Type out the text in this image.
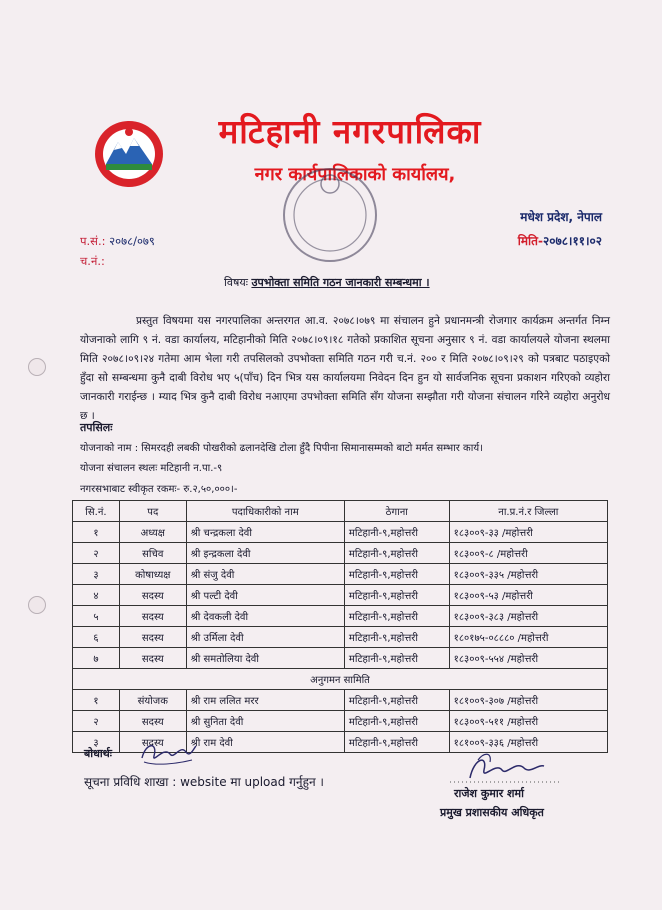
मटिहानी नगरपालिका
नगर कार्यपालिकाको कार्यालय,
मधेश प्रदेश, नेपाल
मिति-२०७८।११।०२
प.सं.: २०७८/०७९
च.नं.:
विषयः उपभोक्ता समिति गठन जानकारी सम्बन्धमा ।
प्रस्तुत विषयमा यस नगरपालिका अन्तरगत आ.व. २०७८।०७९ मा संचालन हुने प्रधानमन्त्री रोजगार कार्यक्रम अन्तर्गत निम्न योजनाको लागि ९ नं. वडा कार्यालय, मटिहानीको मिति २०७८।०९।१८ गतेको प्रकाशित सूचना अनुसार ९ नं. वडा कार्यालयले योजना स्थलमा मिति २०७८।०९।२४ गतेमा आम भेला गरी तपसिलको उपभोक्ता समिति गठन गरी च.नं. २०० र मिति २०७८।०९।२९ को पत्रबाट पठाइएको हुँदा सो सम्बन्धमा कुनै दाबी विरोध भए ५(पाँच) दिन भित्र यस कार्यालयमा निवेदन दिन हुन यो सार्वजनिक सूचना प्रकाशन गरिएको व्यहोरा जानकारी गराईन्छ । म्याद भित्र कुनै दाबी विरोध नआएमा उपभोक्ता समिति सँग योजना सम्झौता गरी योजना संचालन गरिने व्यहोरा अनुरोध छ ।
तपसिलः
योजनाको नाम : सिमरदही लबकी पोखरीको ढलानदेखि टोला हुँदै पिपीना सिमानासम्मको बाटो मर्मत सम्भार कार्य।
योजना संचालन स्थलः मटिहानी न.पा.-९
नगरसभाबाट स्वीकृत रकमः- रु.२,५०,०००।-
सि.नं.	पद	पदाधिकारीको नाम	ठेगाना	ना.प्र.नं.र जिल्ला
१	अध्यक्ष	श्री चन्द्रकला देवी	मटिहानी-९,महोत्तरी	१८३००९-३३ /महोत्तरी
२	सचिव	श्री इन्द्रकला देवी	मटिहानी-९,महोत्तरी	१८३००९-८ /महोत्तरी
३	कोषाध्यक्ष	श्री संजु देवी	मटिहानी-९,महोत्तरी	१८३००९-३३५ /महोत्तरी
४	सदस्य	श्री पल्टी देवी	मटिहानी-९,महोत्तरी	१८३००९-५३ /महोत्तरी
५	सदस्य	श्री देवकली देवी	मटिहानी-९,महोत्तरी	१८३००९-३८३ /महोत्तरी
६	सदस्य	श्री उर्मिला देवी	मटिहानी-९,महोत्तरी	१८०१७५-०८८८० /महोत्तरी
७	सदस्य	श्री समतोलिया देवी	मटिहानी-९,महोत्तरी	१८३००९-५५४ /महोत्तरी
अनुगमन सामिति				
१	संयोजक	श्री राम ललित मरर	मटिहानी-९,महोत्तरी	१८१००९-३०७ /महोत्तरी
२	सदस्य	श्री सुनिता देवी	मटिहानी-९,महोत्तरी	१८३००९-५११ /महोत्तरी
३	सदस्य	श्री राम देवी	मटिहानी-९,महोत्तरी	१८१००९-३३६ /महोत्तरी
बोधार्थः
सूचना प्रविधि शाखा : website मा upload गर्नुहुन ।
राजेश कुमार शर्मा
प्रमुख प्रशासकीय अधिकृत
